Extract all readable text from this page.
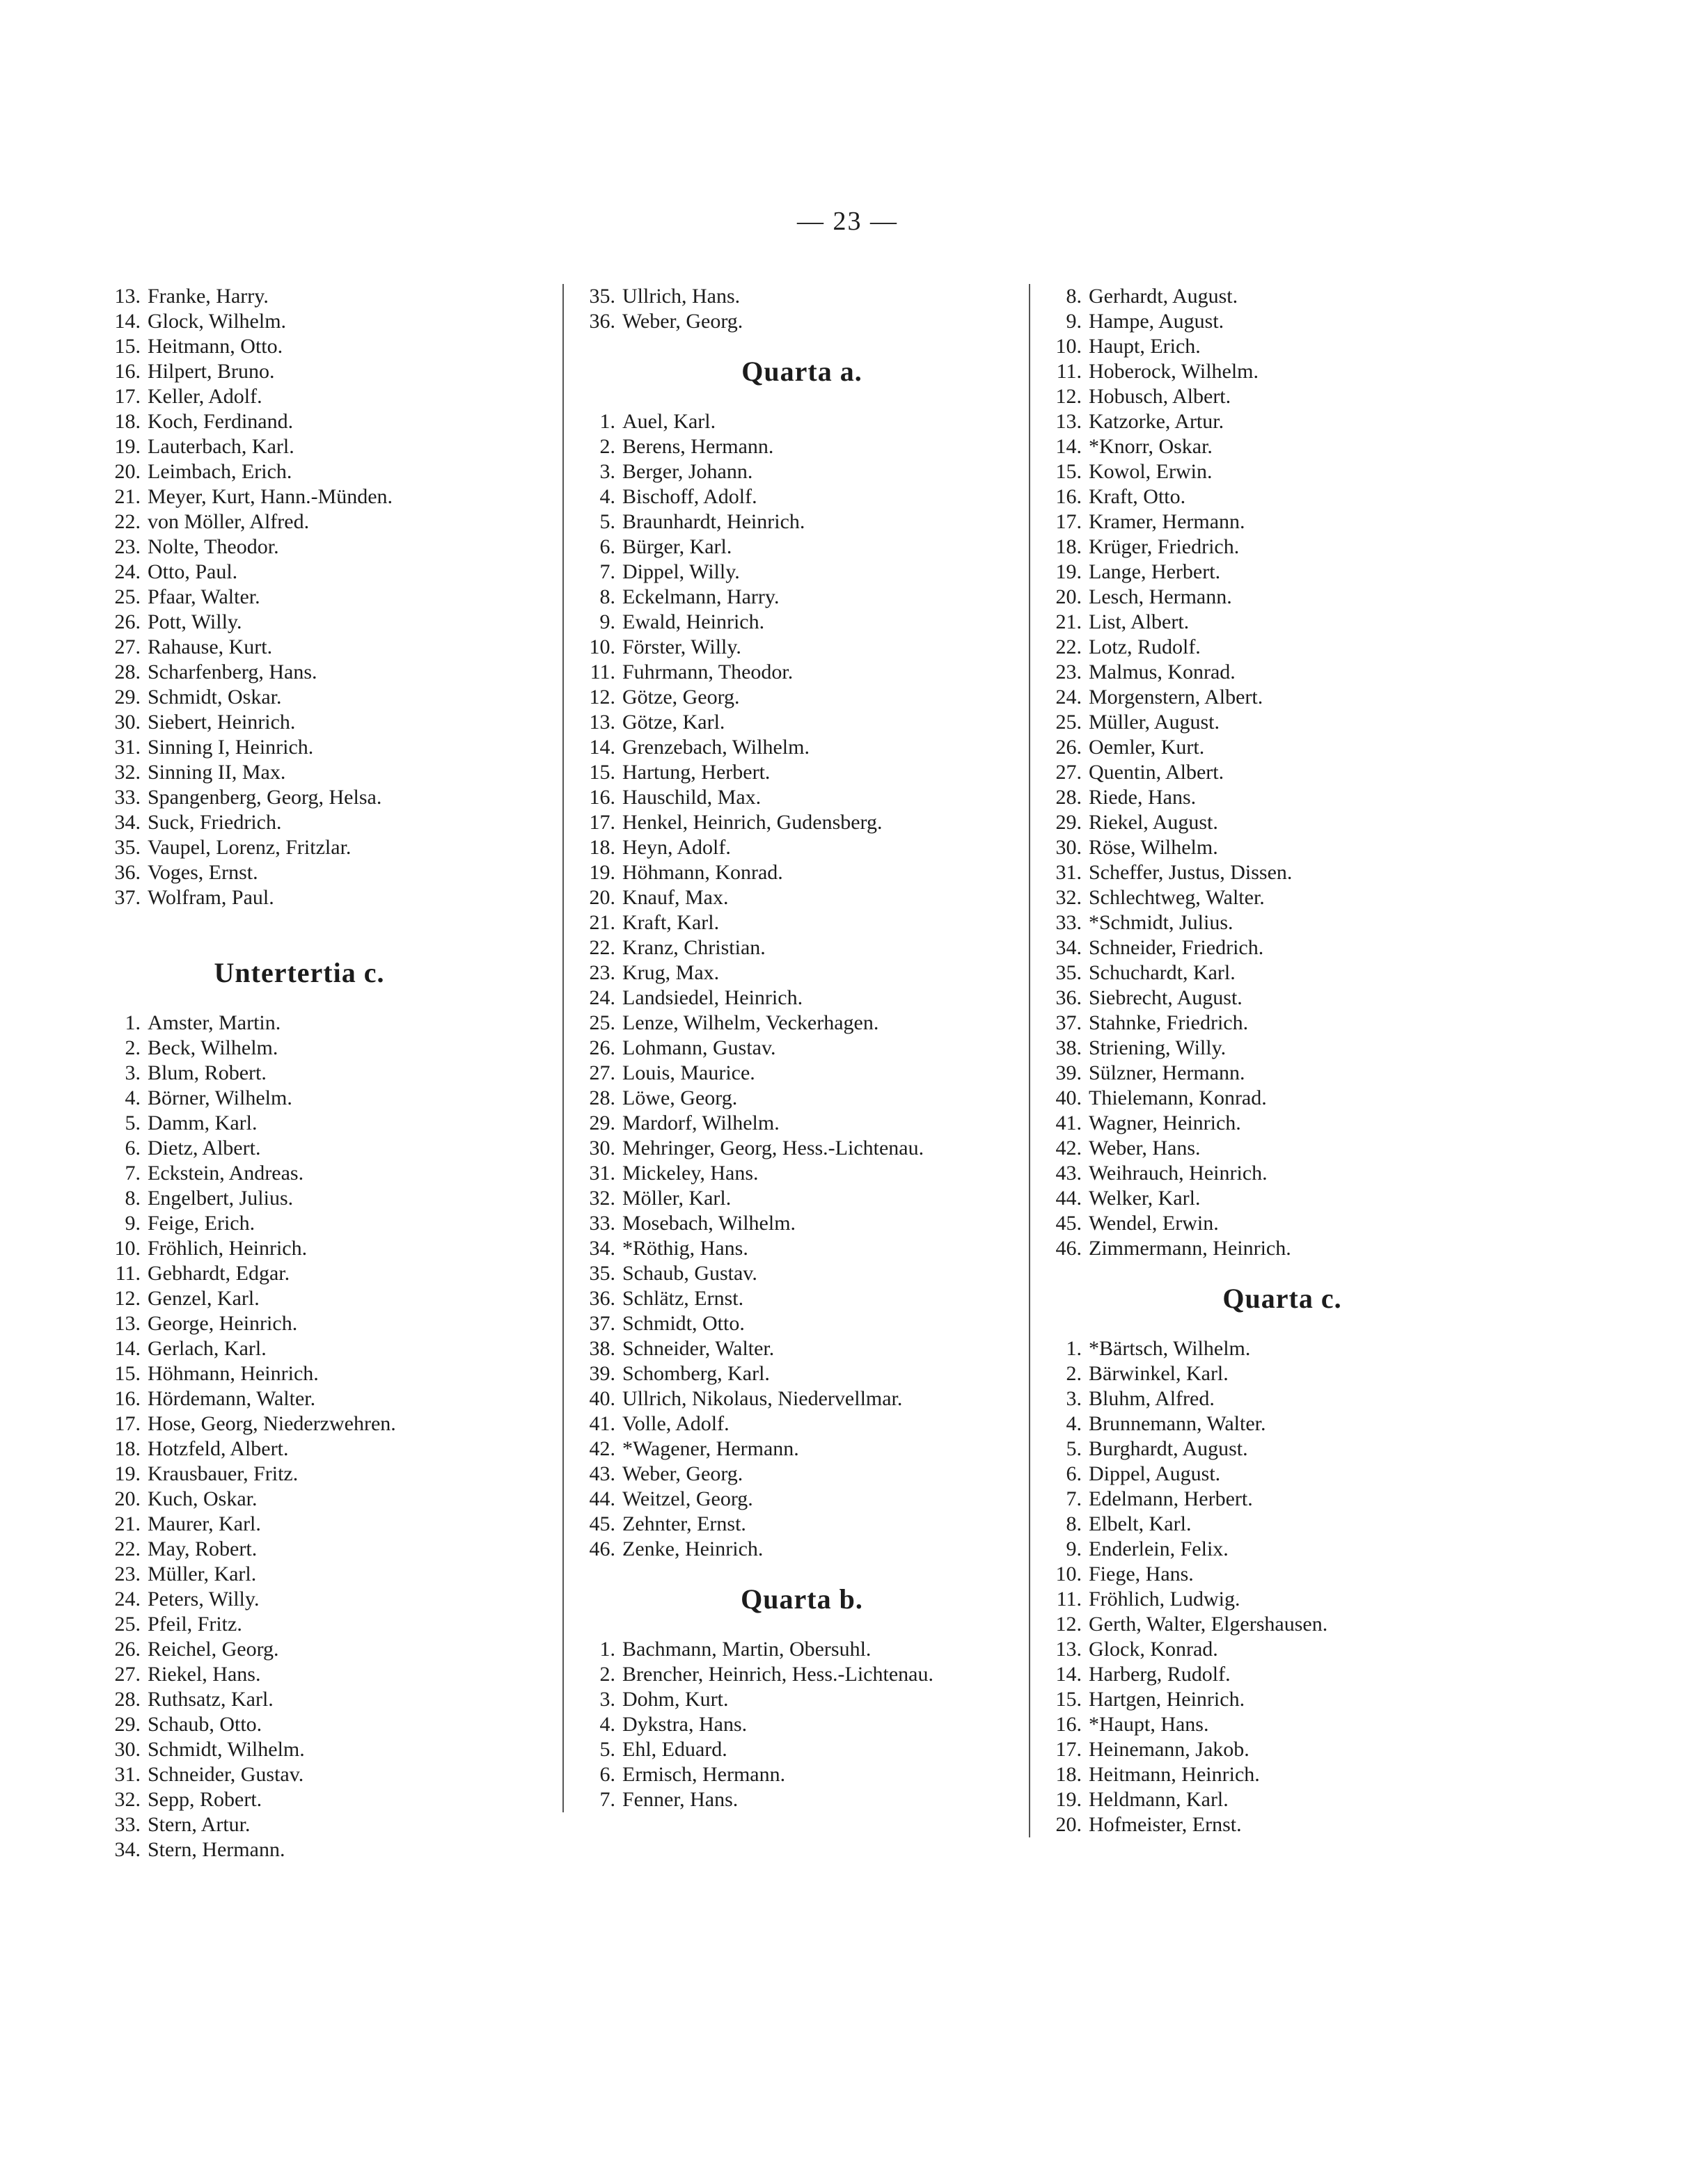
— 23 —
13. Franke, Harry.
14. Glock, Wilhelm.
15. Heitmann, Otto.
16. Hilpert, Bruno.
17. Keller, Adolf.
18. Koch, Ferdinand.
19. Lauterbach, Karl.
20. Leimbach, Erich.
21. Meyer, Kurt, Hann.-Münden.
22. von Möller, Alfred.
23. Nolte, Theodor.
24. Otto, Paul.
25. Pfaar, Walter.
26. Pott, Willy.
27. Rahause, Kurt.
28. Scharfenberg, Hans.
29. Schmidt, Oskar.
30. Siebert, Heinrich.
31. Sinning I, Heinrich.
32. Sinning II, Max.
33. Spangenberg, Georg, Helsa.
34. Suck, Friedrich.
35. Vaupel, Lorenz, Fritzlar.
36. Voges, Ernst.
37. Wolfram, Paul.
Untertertia c.
1. Amster, Martin.
2. Beck, Wilhelm.
3. Blum, Robert.
4. Börner, Wilhelm.
5. Damm, Karl.
6. Dietz, Albert.
7. Eckstein, Andreas.
8. Engelbert, Julius.
9. Feige, Erich.
10. Fröhlich, Heinrich.
11. Gebhardt, Edgar.
12. Genzel, Karl.
13. George, Heinrich.
14. Gerlach, Karl.
15. Höhmann, Heinrich.
16. Hördemann, Walter.
17. Hose, Georg, Niederzwehren.
18. Hotzfeld, Albert.
19. Krausbauer, Fritz.
20. Kuch, Oskar.
21. Maurer, Karl.
22. May, Robert.
23. Müller, Karl.
24. Peters, Willy.
25. Pfeil, Fritz.
26. Reichel, Georg.
27. Riekel, Hans.
28. Ruthsatz, Karl.
29. Schaub, Otto.
30. Schmidt, Wilhelm.
31. Schneider, Gustav.
32. Sepp, Robert.
33. Stern, Artur.
34. Stern, Hermann.
35. Ullrich, Hans.
36. Weber, Georg.
Quarta a.
1. Auel, Karl.
2. Berens, Hermann.
3. Berger, Johann.
4. Bischoff, Adolf.
5. Braunhardt, Heinrich.
6. Bürger, Karl.
7. Dippel, Willy.
8. Eckelmann, Harry.
9. Ewald, Heinrich.
10. Förster, Willy.
11. Fuhrmann, Theodor.
12. Götze, Georg.
13. Götze, Karl.
14. Grenzebach, Wilhelm.
15. Hartung, Herbert.
16. Hauschild, Max.
17. Henkel, Heinrich, Gudensberg.
18. Heyn, Adolf.
19. Höhmann, Konrad.
20. Knauf, Max.
21. Kraft, Karl.
22. Kranz, Christian.
23. Krug, Max.
24. Landsiedel, Heinrich.
25. Lenze, Wilhelm, Veckerhagen.
26. Lohmann, Gustav.
27. Louis, Maurice.
28. Löwe, Georg.
29. Mardorf, Wilhelm.
30. Mehringer, Georg, Hess.-Lichtenau.
31. Mickeley, Hans.
32. Möller, Karl.
33. Mosebach, Wilhelm.
34. *Röthig, Hans.
35. Schaub, Gustav.
36. Schlätz, Ernst.
37. Schmidt, Otto.
38. Schneider, Walter.
39. Schomberg, Karl.
40. Ullrich, Nikolaus, Niedervellmar.
41. Volle, Adolf.
42. *Wagener, Hermann.
43. Weber, Georg.
44. Weitzel, Georg.
45. Zehnter, Ernst.
46. Zenke, Heinrich.
Quarta b.
1. Bachmann, Martin, Obersuhl.
2. Brencher, Heinrich, Hess.-Lichtenau.
3. Dohm, Kurt.
4. Dykstra, Hans.
5. Ehl, Eduard.
6. Ermisch, Hermann.
7. Fenner, Hans.
8. Gerhardt, August.
9. Hampe, August.
10. Haupt, Erich.
11. Hoberock, Wilhelm.
12. Hobusch, Albert.
13. Katzorke, Artur.
14. *Knorr, Oskar.
15. Kowol, Erwin.
16. Kraft, Otto.
17. Kramer, Hermann.
18. Krüger, Friedrich.
19. Lange, Herbert.
20. Lesch, Hermann.
21. List, Albert.
22. Lotz, Rudolf.
23. Malmus, Konrad.
24. Morgenstern, Albert.
25. Müller, August.
26. Oemler, Kurt.
27. Quentin, Albert.
28. Riede, Hans.
29. Riekel, August.
30. Röse, Wilhelm.
31. Scheffer, Justus, Dissen.
32. Schlechtweg, Walter.
33. *Schmidt, Julius.
34. Schneider, Friedrich.
35. Schuchardt, Karl.
36. Siebrecht, August.
37. Stahnke, Friedrich.
38. Striening, Willy.
39. Sülzner, Hermann.
40. Thielemann, Konrad.
41. Wagner, Heinrich.
42. Weber, Hans.
43. Weihrauch, Heinrich.
44. Welker, Karl.
45. Wendel, Erwin.
46. Zimmermann, Heinrich.
Quarta c.
1. *Bärtsch, Wilhelm.
2. Bärwinkel, Karl.
3. Bluhm, Alfred.
4. Brunnemann, Walter.
5. Burghardt, August.
6. Dippel, August.
7. Edelmann, Herbert.
8. Elbelt, Karl.
9. Enderlein, Felix.
10. Fiege, Hans.
11. Fröhlich, Ludwig.
12. Gerth, Walter, Elgershausen.
13. Glock, Konrad.
14. Harberg, Rudolf.
15. Hartgen, Heinrich.
16. *Haupt, Hans.
17. Heinemann, Jakob.
18. Heitmann, Heinrich.
19. Heldmann, Karl.
20. Hofmeister, Ernst.
